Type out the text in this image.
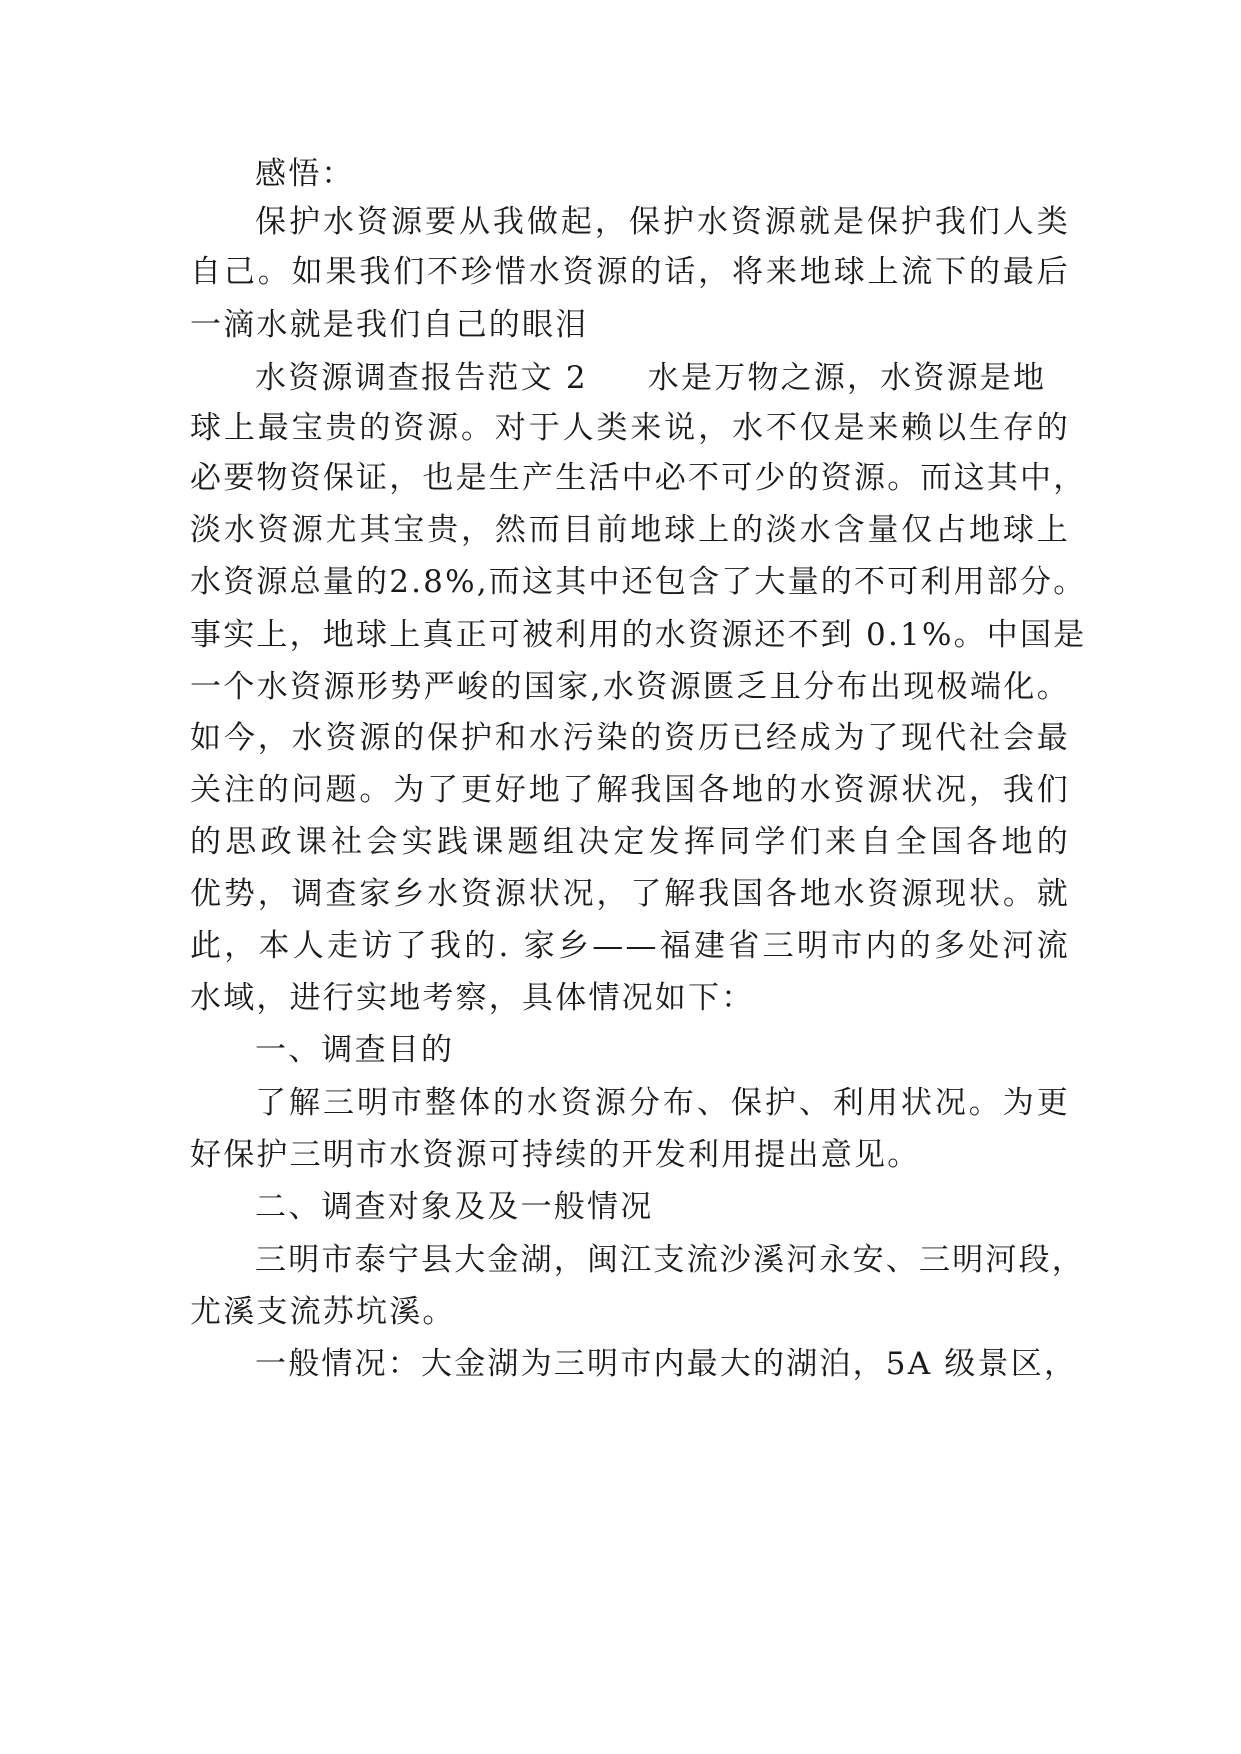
感悟：
保护水资源要从我做起，保护水资源就是保护我们人类
自己。如果我们不珍惜水资源的话，将来地球上流下的最后
一滴水就是我们自己的眼泪
水资源调查报告范文 2 水是万物之源，水资源是地
球上最宝贵的资源。对于人类来说，水不仅是来赖以生存的
必要物资保证，也是生产生活中必不可少的资源。而这其中，
淡水资源尤其宝贵，然而目前地球上的淡水含量仅占地球上
水资源总量的2.8%,而这其中还包含了大量的不可利用部分。
事实上，地球上真正可被利用的水资源还不到 0.1%。中国是
一个水资源形势严峻的国家,水资源匮乏且分布出现极端化。
如今，水资源的保护和水污染的资历已经成为了现代社会最
关注的问题。为了更好地了解我国各地的水资源状况，我们
的思政课社会实践课题组决定发挥同学们来自全国各地的
优势，调查家乡水资源状况，了解我国各地水资源现状。就
此，本人走访了我的. 家乡——福建省三明市内的多处河流
水域，进行实地考察，具体情况如下：
一、调查目的
了解三明市整体的水资源分布、保护、利用状况。为更
好保护三明市水资源可持续的开发利用提出意见。
二、调查对象及及一般情况
三明市泰宁县大金湖，闽江支流沙溪河永安、三明河段，
尤溪支流苏坑溪。
一般情况：大金湖为三明市内最大的湖泊，5A 级景区，
